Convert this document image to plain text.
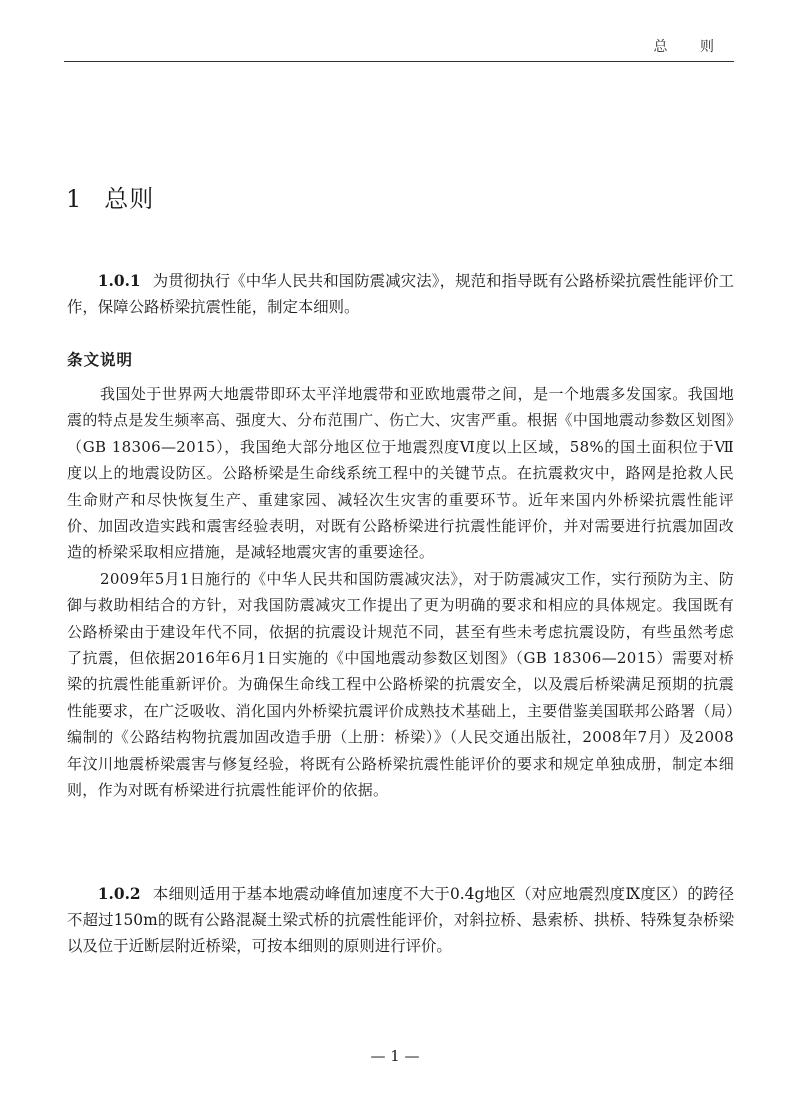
总 则
1 总则

1.0.1 为贯彻执行《中华人民共和国防震减灾法》，规范和指导既有公路桥梁抗震性能评价工作，保障公路桥梁抗震性能，制定本细则。

条文说明

我国处于世界两大地震带即环太平洋地震带和亚欧地震带之间，是一个地震多发国家。我国地震的特点是发生频率高、强度大、分布范围广、伤亡大、灾害严重。根据《中国地震动参数区划图》（GB 18306—2015），我国绝大部分地区位于地震烈度Ⅵ度以上区域，58%的国土面积位于Ⅶ度以上的地震设防区。公路桥梁是生命线系统工程中的关键节点。在抗震救灾中，路网是抢救人民生命财产和尽快恢复生产、重建家园、减轻次生灾害的重要环节。近年来国内外桥梁抗震性能评价、加固改造实践和震害经验表明，对既有公路桥梁进行抗震性能评价，并对需要进行抗震加固改造的桥梁采取相应措施，是减轻地震灾害的重要途径。

2009年5月1日施行的《中华人民共和国防震减灾法》，对于防震减灾工作，实行预防为主、防御与救助相结合的方针，对我国防震减灾工作提出了更为明确的要求和相应的具体规定。我国既有公路桥梁由于建设年代不同，依据的抗震设计规范不同，甚至有些未考虑抗震设防，有些虽然考虑了抗震，但依据2016年6月1日实施的《中国地震动参数区划图》（GB 18306—2015）需要对桥梁的抗震性能重新评价。为确保生命线工程中公路桥梁的抗震安全，以及震后桥梁满足预期的抗震性能要求，在广泛吸收、消化国内外桥梁抗震评价成熟技术基础上，主要借鉴美国联邦公路署（局）编制的《公路结构物抗震加固改造手册（上册：桥梁）》（人民交通出版社，2008年7月）及2008年汶川地震桥梁震害与修复经验，将既有公路桥梁抗震性能评价的要求和规定单独成册，制定本细则，作为对既有桥梁进行抗震性能评价的依据。

1.0.2 本细则适用于基本地震动峰值加速度不大于0.4g地区（对应地震烈度Ⅸ度区）的跨径不超过150m的既有公路混凝土梁式桥的抗震性能评价，对斜拉桥、悬索桥、拱桥、特殊复杂桥梁以及位于近断层附近桥梁，可按本细则的原则进行评价。

— 1 —
